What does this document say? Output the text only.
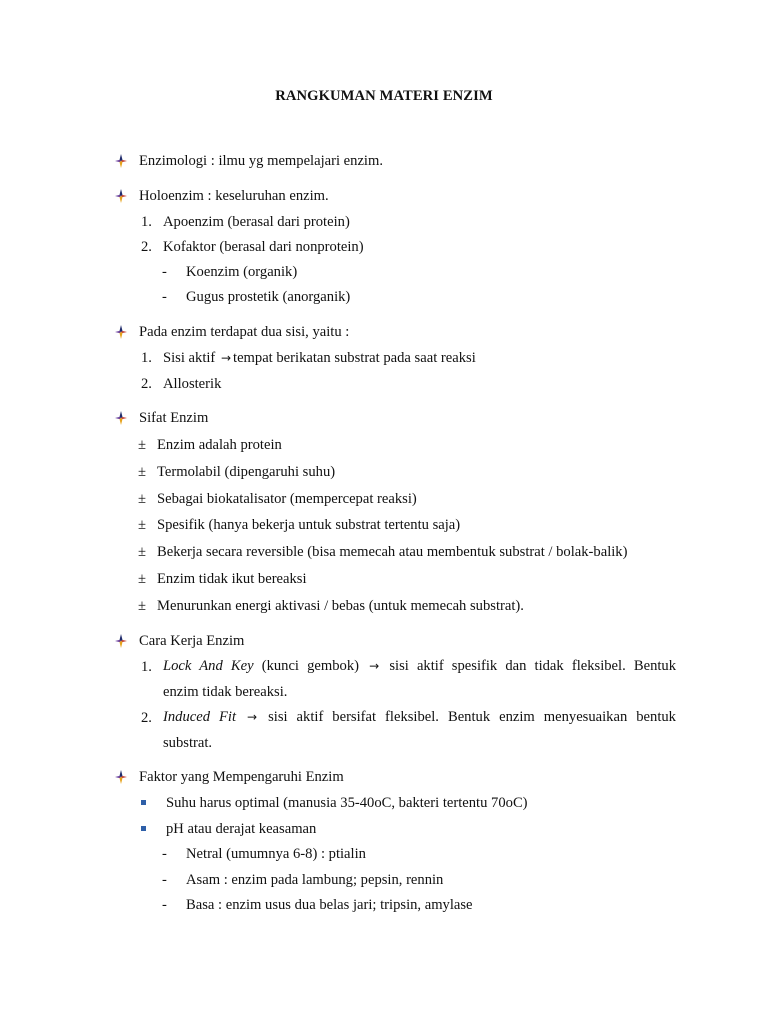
RANGKUMAN MATERI ENZIM
Enzimologi : ilmu yg mempelajari enzim.
Holoenzim : keseluruhan enzim.
1. Apoenzim (berasal dari protein)
2. Kofaktor (berasal dari nonprotein)
- Koenzim (organik)
- Gugus prostetik (anorganik)
Pada enzim terdapat dua sisi, yaitu :
1. Sisi aktif → tempat berikatan substrat pada saat reaksi
2. Allosterik
Sifat Enzim
± Enzim adalah protein
± Termolabil (dipengaruhi suhu)
± Sebagai biokatalisator (mempercepat reaksi)
± Spesifik (hanya bekerja untuk substrat tertentu saja)
± Bekerja secara reversible (bisa memecah atau membentuk substrat / bolak-balik)
± Enzim tidak ikut bereaksi
± Menurunkan energi aktivasi / bebas (untuk memecah substrat).
Cara Kerja Enzim
1. Lock And Key (kunci gembok) → sisi aktif spesifik dan tidak fleksibel. Bentuk
enzim tidak bereaksi.
2. Induced Fit → sisi aktif bersifat fleksibel. Bentuk enzim menyesuaikan bentuk
substrat.
Faktor yang Mempengaruhi Enzim
Suhu harus optimal (manusia 35-40oC, bakteri tertentu 70oC)
pH atau derajat keasaman
- Netral (umumnya 6-8) : ptialin
- Asam : enzim pada lambung; pepsin, rennin
- Basa : enzim usus dua belas jari; tripsin, amylase
